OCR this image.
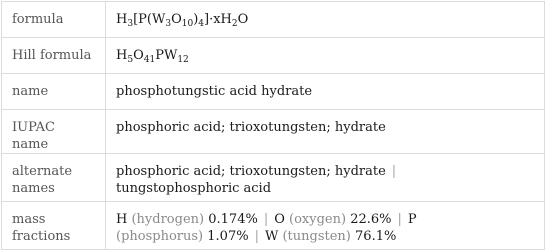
formula	$H_3[P(W_3O_{10})_4]\cdot xH_2O$
Hill formula	$H_5O_{41}PW_{12}$
name	phosphotungstic acid hydrate
IUPAC name	phosphoric acid; trioxotungsten; hydrate
alternate names	phosphoric acid; trioxotungsten; hydrate |
tungstophosphoric acid
mass fractions	H (hydrogen) 0.174% | O (oxygen) 22.6% | P
(phosphorus) 1.07% | W (tungsten) 76.1%
